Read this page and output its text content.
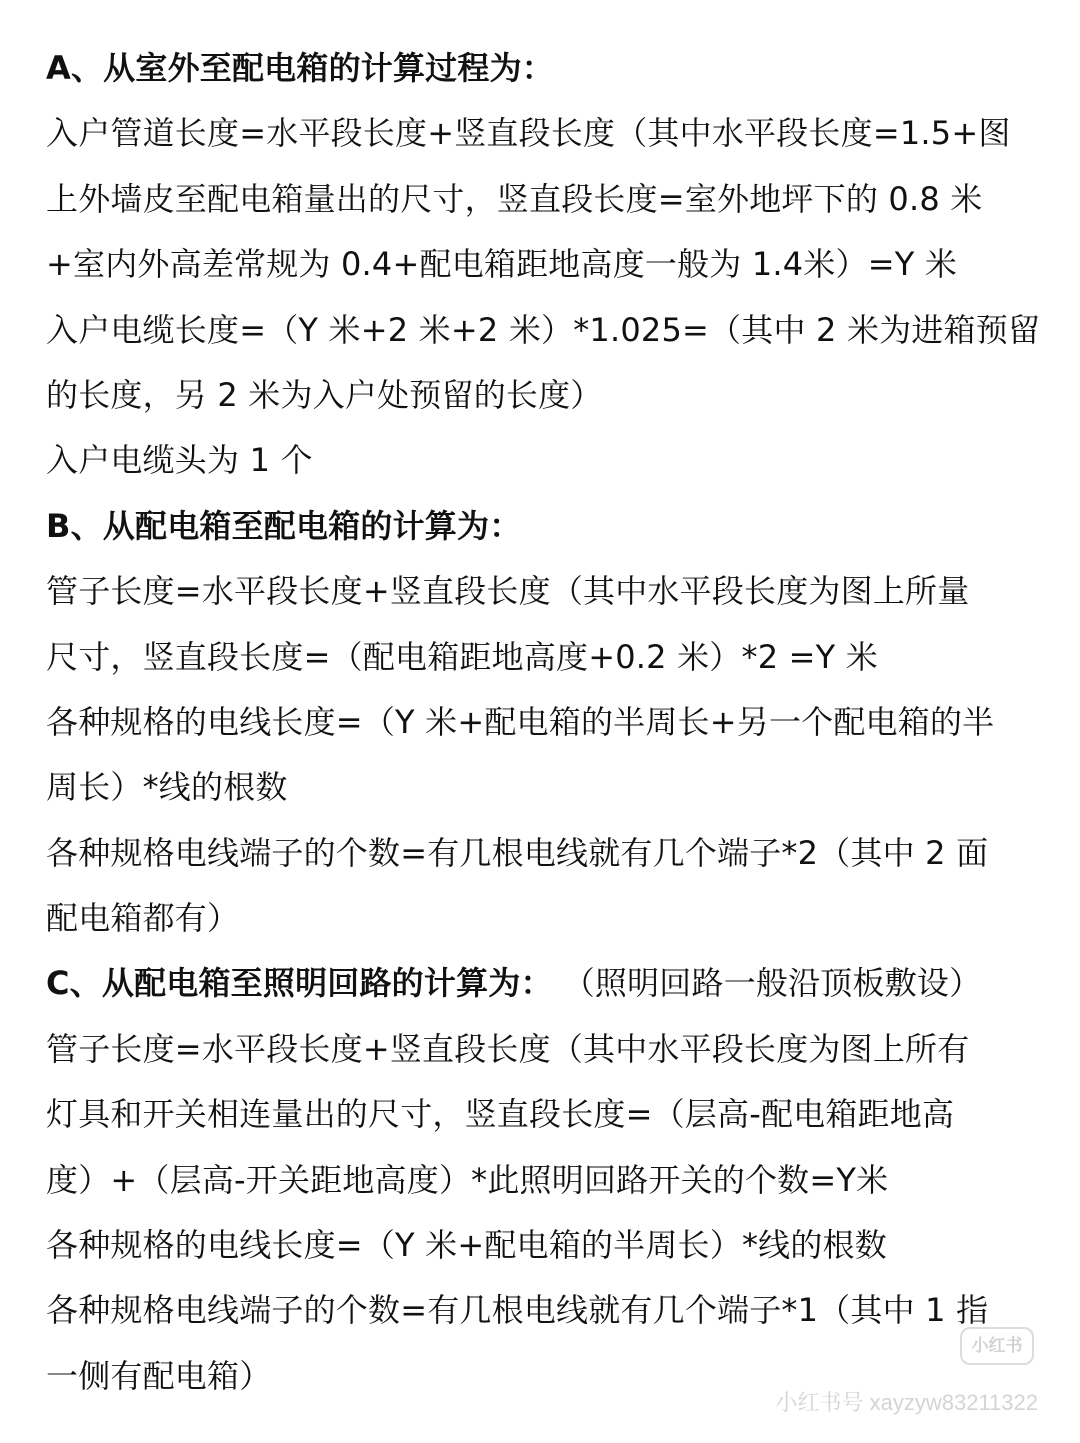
A、从室外至配电箱的计算过程为：
入户管道长度=水平段长度+竖直段长度（其中水平段长度=1.5+图
上外墙皮至配电箱量出的尺寸，竖直段长度=室外地坪下的 0.8 米
+室内外高差常规为 0.4+配电箱距地高度一般为 1.4米）=Y 米
入户电缆长度=（Y 米+2 米+2 米）*1.025=（其中 2 米为进箱预留
的长度，另 2 米为入户处预留的长度）
入户电缆头为 1 个
B、从配电箱至配电箱的计算为：
管子长度=水平段长度+竖直段长度（其中水平段长度为图上所量
尺寸，竖直段长度=（配电箱距地高度+0.2 米）*2 =Y 米
各种规格的电线长度=（Y 米+配电箱的半周长+另一个配电箱的半
周长）*线的根数
各种规格电线端子的个数=有几根电线就有几个端子*2（其中 2 面
配电箱都有）
C、从配电箱至照明回路的计算为： （照明回路一般沿顶板敷设）
管子长度=水平段长度+竖直段长度（其中水平段长度为图上所有
灯具和开关相连量出的尺寸，竖直段长度=（层高-配电箱距地高
度）+（层高-开关距地高度）*此照明回路开关的个数=Y米
各种规格的电线长度=（Y 米+配电箱的半周长）*线的根数
各种规格电线端子的个数=有几根电线就有几个端子*1（其中 1 指
一侧有配电箱）
小红书
小红书号 xayzyw83211322
